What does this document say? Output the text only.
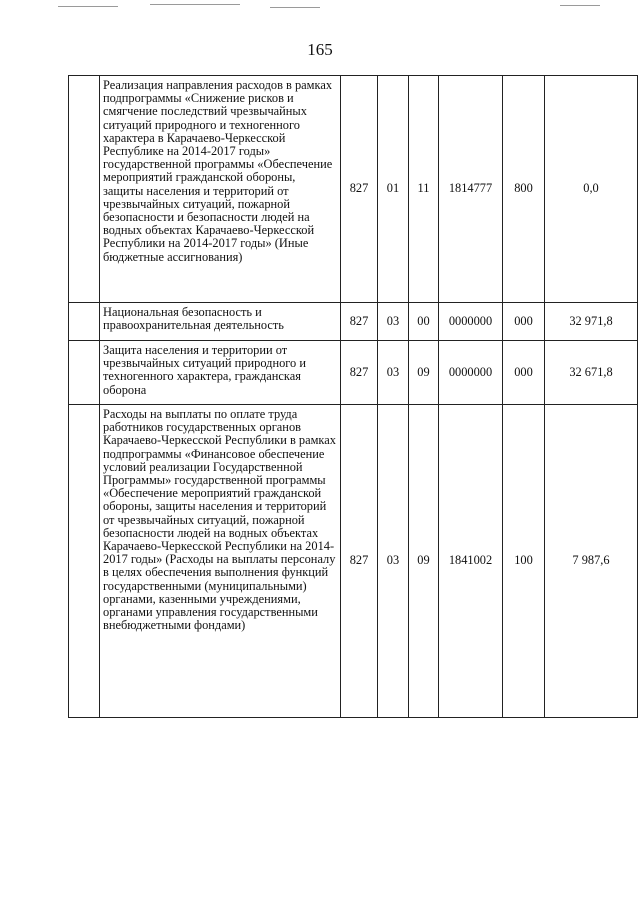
165
	Реализация направления расходов в рамках подпрограммы «Снижение рисков и смягчение последствий чрезвычайных ситуаций природного и техногенного характера в Карачаево-Черкесской Республике на 2014-2017 годы» государственной программы «Обеспечение мероприятий гражданской обороны, защиты населения и территорий от чрезвычайных ситуаций, пожарной безопасности и безопасности людей на водных объектах Карачаево-Черкесской Республики на 2014-2017 годы» (Иные бюджетные ассигнования)	827	01	11	1814777	800	0,0
	Национальная безопасность и правоохранительная деятельность	827	03	00	0000000	000	32 971,8
	Защита населения и территории от чрезвычайных ситуаций природного и техногенного характера, гражданская оборона	827	03	09	0000000	000	32 671,8
	Расходы на выплаты по оплате труда работников государственных органов Карачаево-Черкесской Республики в рамках подпрограммы «Финансовое обеспечение условий реализации Государственной Программы» государственной программы «Обеспечение мероприятий гражданской обороны, защиты населения и территорий от чрезвычайных ситуаций, пожарной безопасности людей на водных объектах Карачаево-Черкесской Республики на 2014-2017 годы» (Расходы на выплаты персоналу в целях обеспечения выполнения функций государственными (муниципальными) органами, казенными учреждениями, органами управления государственными внебюджетными фондами)	827	03	09	1841002	100	7 987,6
